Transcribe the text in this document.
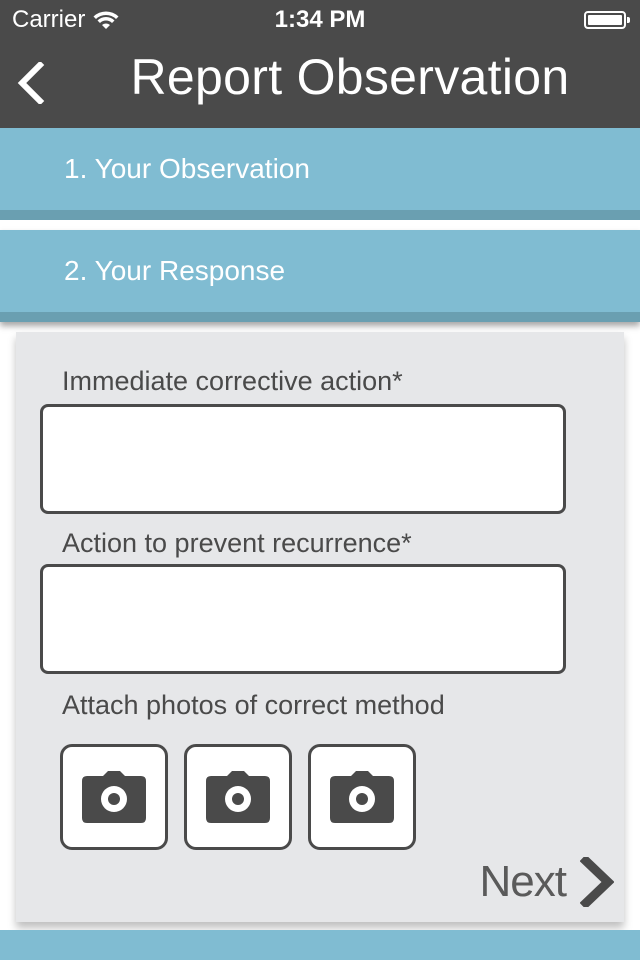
Carrier	1:34 PM
Report Observation
1. Your Observation
2. Your Response
Immediate corrective action*
Action to prevent recurrence*
Attach photos of correct method
Next
